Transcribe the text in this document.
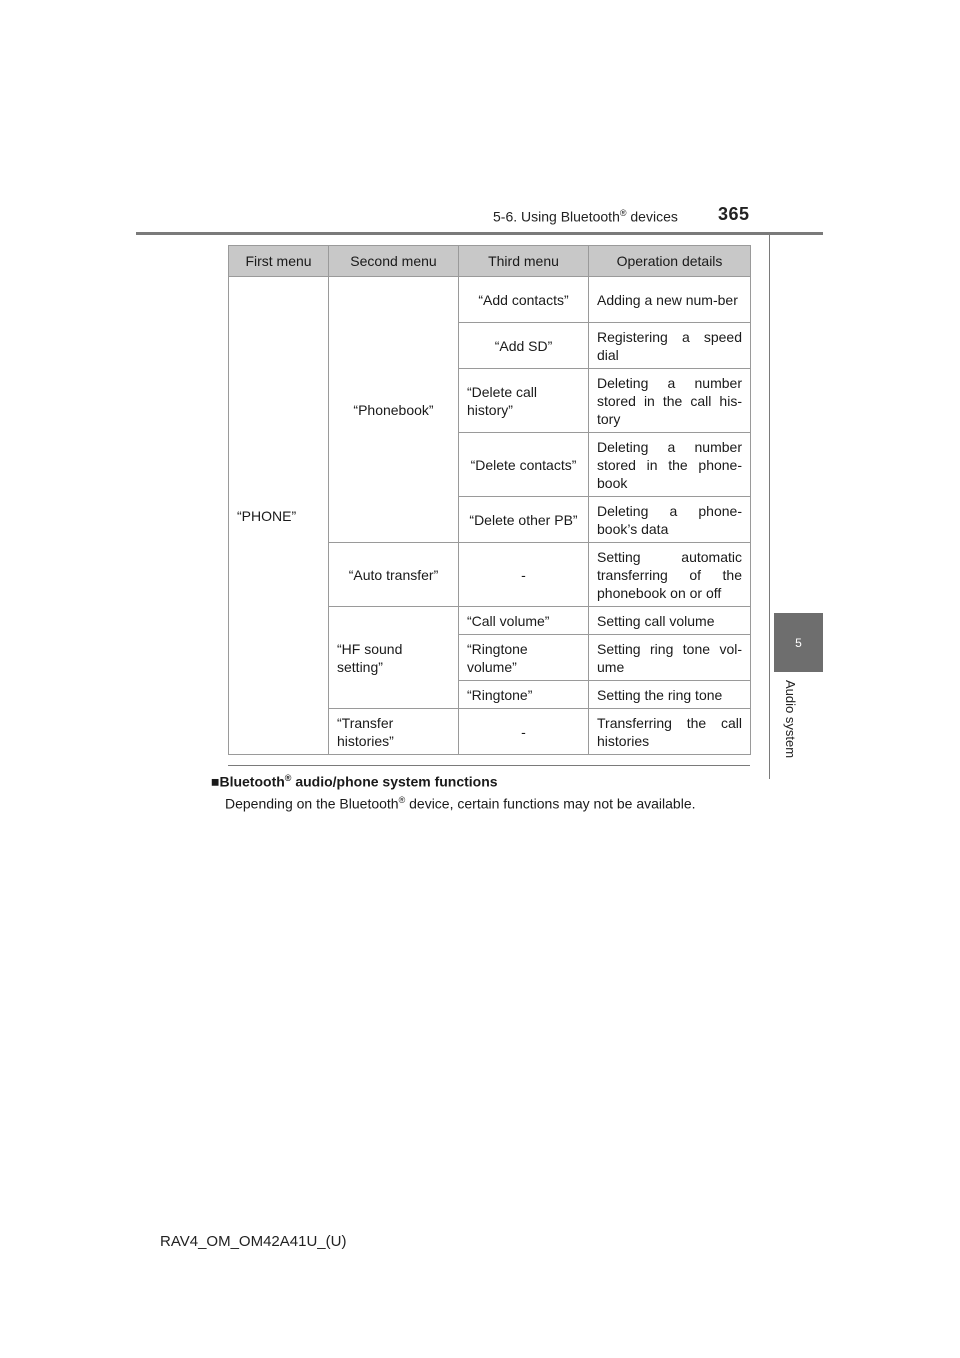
5-6. Using Bluetooth® devices 365
5
Audio system
First menu	Second menu	Third menu	Operation details
“PHONE”	“Phonebook”	“Add contacts”	Adding a new num-ber
		“Add SD”	Registering a speed dial
		“Delete call history”	Deleting a number stored in the call his-tory
		“Delete contacts”	Deleting a number stored in the phone-book
		“Delete other PB”	Deleting a phone-book’s data
	“Auto transfer”	-	Setting automatic transferring of the phonebook on or off
	“HF sound setting”	“Call volume”	Setting call volume
		“Ringtone volume”	Setting ring tone vol-ume
		“Ringtone”	Setting the ring tone
	“Transfer histories”	-	Transferring the call histories
■Bluetooth® audio/phone system functions
Depending on the Bluetooth® device, certain functions may not be available.
RAV4_OM_OM42A41U_(U)
